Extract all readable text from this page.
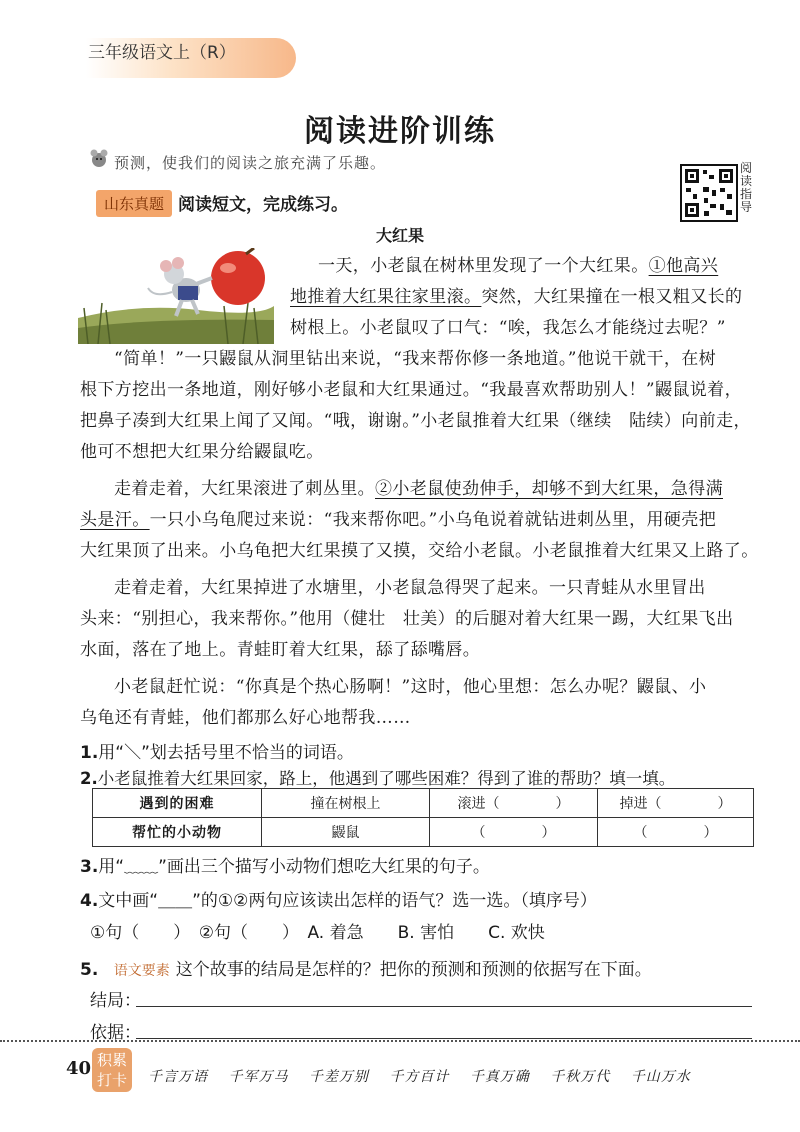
三年级语文上（R）
阅读进阶训练
预测，使我们的阅读之旅充满了乐趣。	阅读指导
山东真题 阅读短文，完成练习。
大红果
一天，小老鼠在树林里发现了一个大红果。①他高兴
地推着大红果往家里滚。突然，大红果撞在一根又粗又长的
树根上。小老鼠叹了口气：“唉，我怎么才能绕过去呢？”
“简单！”一只鼹鼠从洞里钻出来说，“我来帮你修一条地道。”他说干就干，在树
根下方挖出一条地道，刚好够小老鼠和大红果通过。“我最喜欢帮助别人！”鼹鼠说着，
把鼻子凑到大红果上闻了又闻。“哦，谢谢。”小老鼠推着大红果（继续　陆续）向前走，
他可不想把大红果分给鼹鼠吃。
走着走着，大红果滚进了刺丛里。②小老鼠使劲伸手，却够不到大红果，急得满
头是汗。一只小乌龟爬过来说：“我来帮你吧。”小乌龟说着就钻进刺丛里，用硬壳把
大红果顶了出来。小乌龟把大红果摸了又摸，交给小老鼠。小老鼠推着大红果又上路了。
走着走着，大红果掉进了水塘里，小老鼠急得哭了起来。一只青蛙从水里冒出
头来：“别担心，我来帮你。”他用（健壮　壮美）的后腿对着大红果一踢，大红果飞出
水面，落在了地上。青蛙盯着大红果，舔了舔嘴唇。
小老鼠赶忙说：“你真是个热心肠啊！”这时，他心里想：怎么办呢？鼹鼠、小
乌龟还有青蛙，他们都那么好心地帮我……
1.用“＼”划去括号里不恰当的词语。
2.小老鼠推着大红果回家，路上，他遇到了哪些困难？得到了谁的帮助？填一填。
遇到的困难	撞在树根上	滚进（　　　　）	掉进（　　　　）
帮忙的小动物	鼹鼠	（　　　　）	（　　　　）
3.用“﹏﹏”画出三个描写小动物们想吃大红果的句子。
4.文中画“＿＿”的①②两句应该读出怎样的语气？选一选。（填序号）
①句（　　）　②句（　　）　A. 着急　　B. 害怕　　C. 欢快
5. 语文要素 这个故事的结局是怎样的？把你的预测和预测的依据写在下面。
结局：
依据：
40 积累
打卡	千言万语 千军万马 千差万别 千方百计 千真万确 千秋万代 千山万水
